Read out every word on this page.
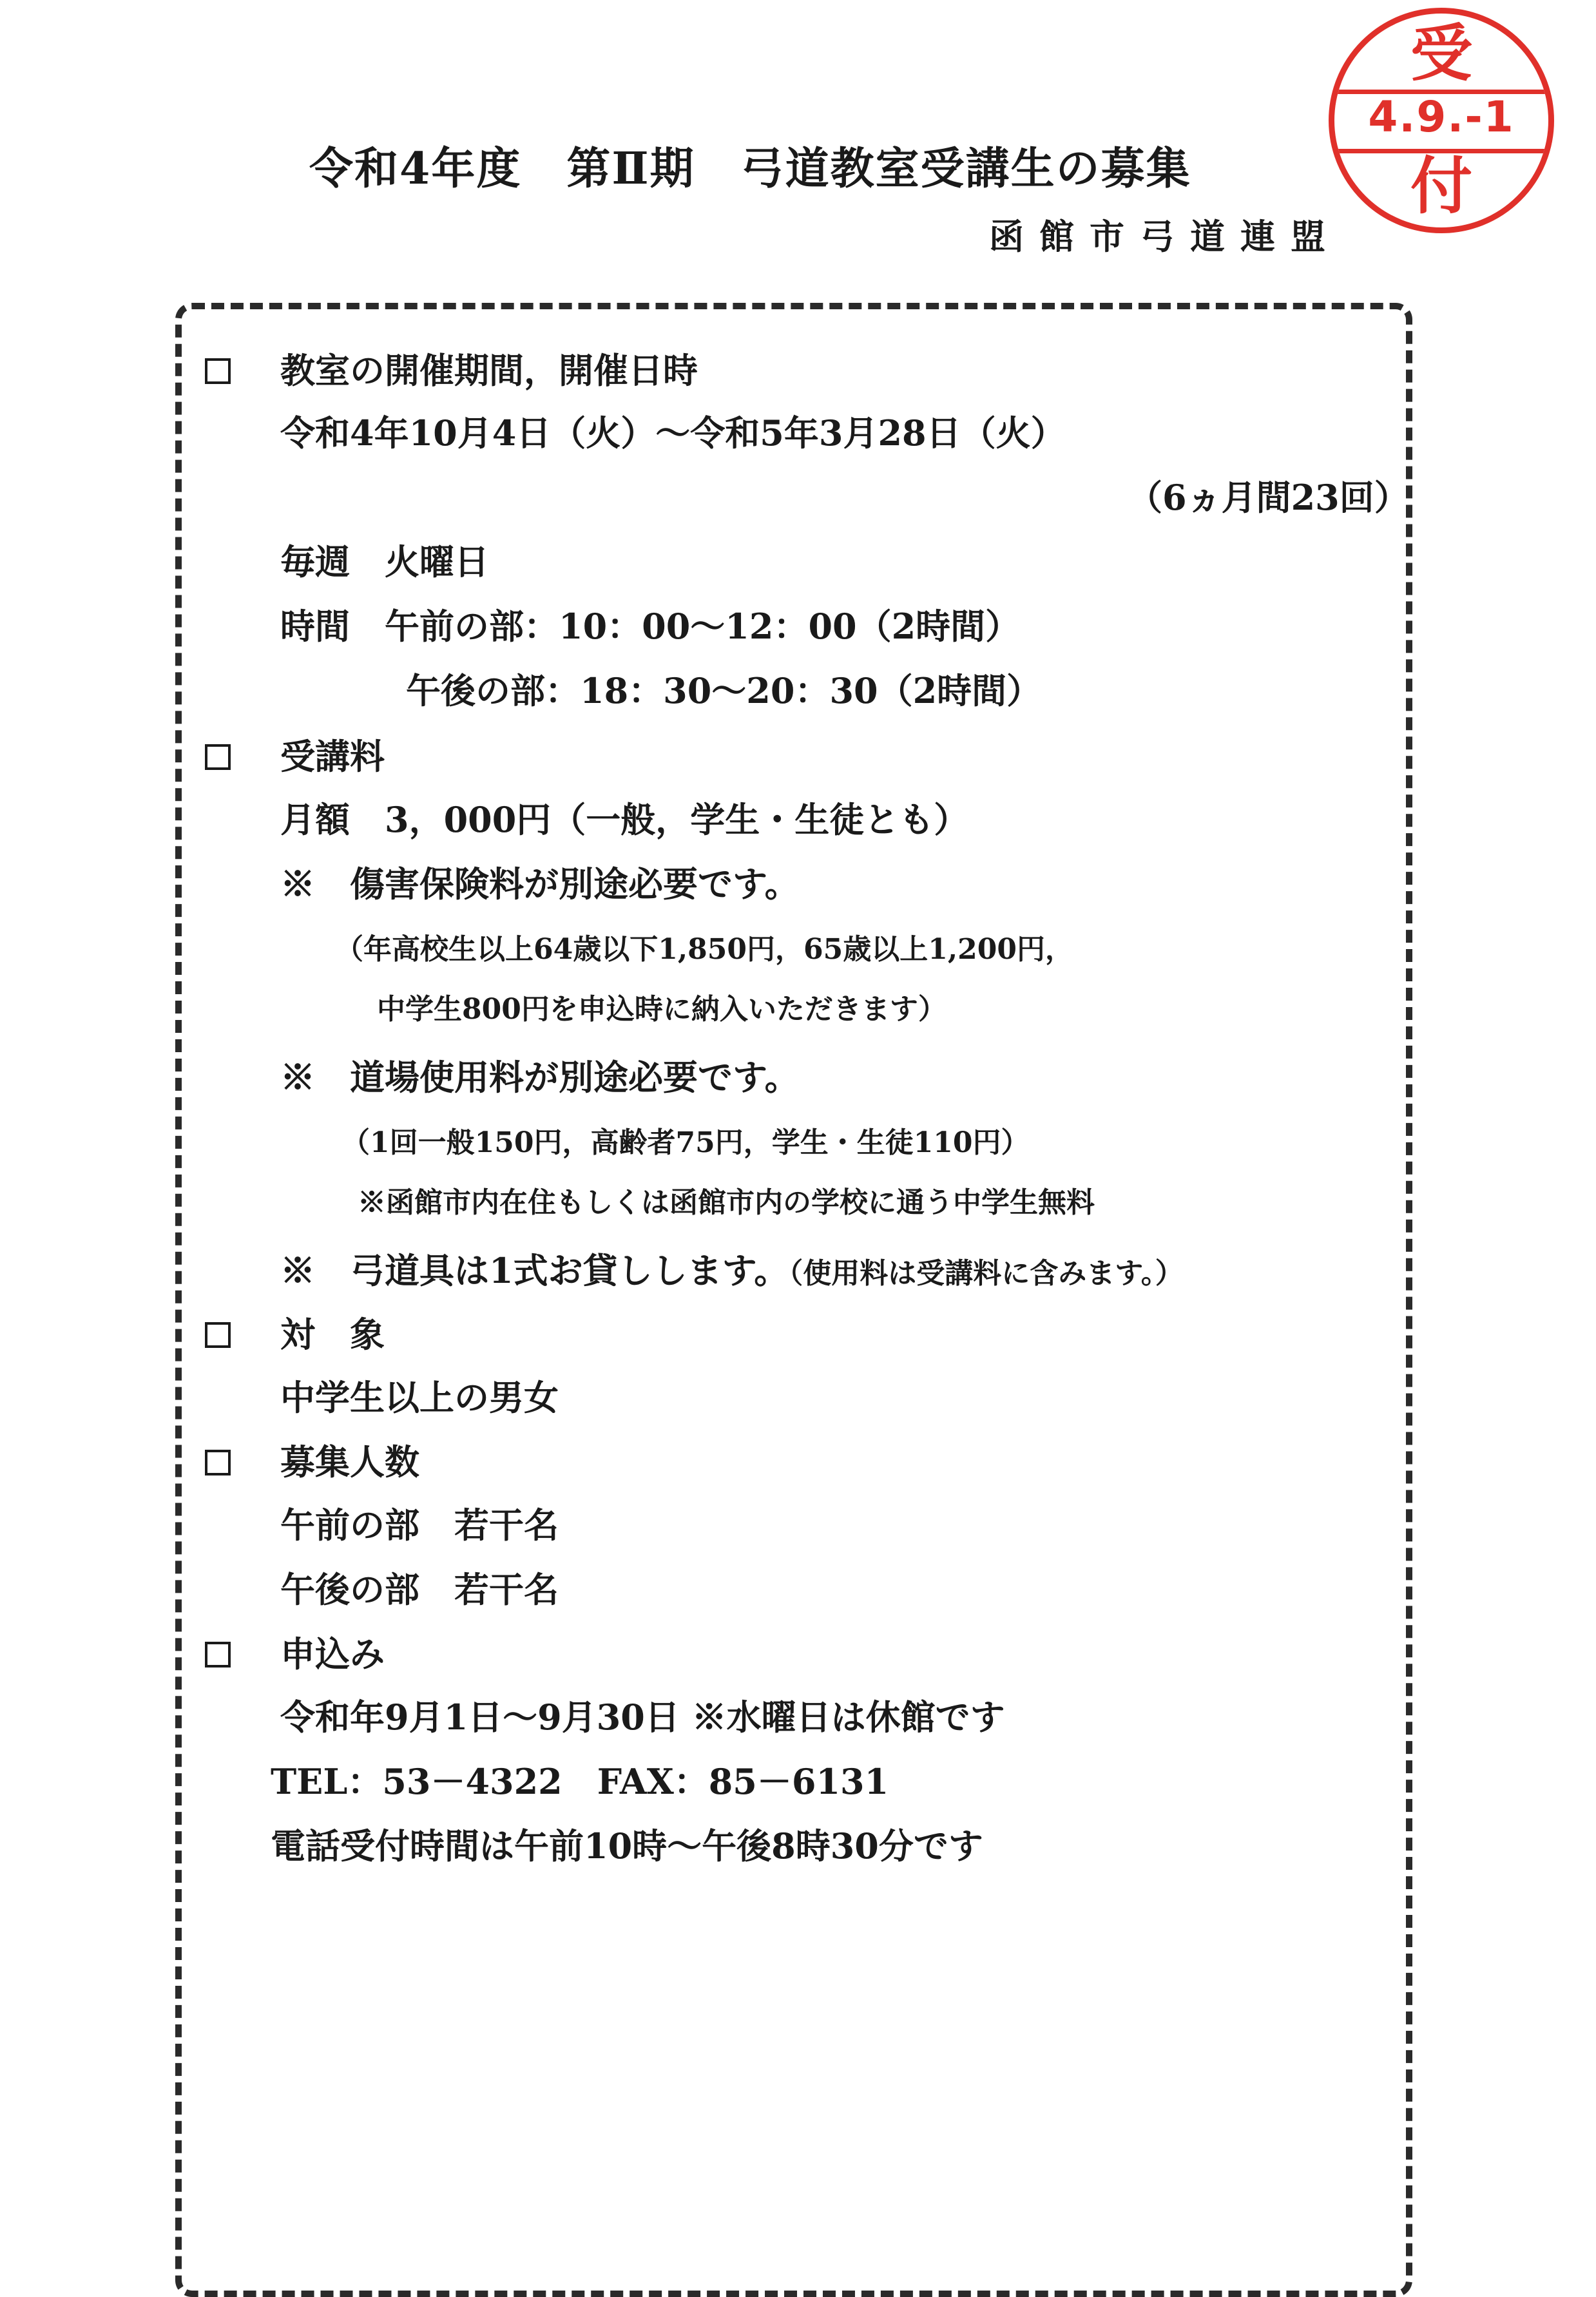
令和4年度　第Ⅱ期　弓道教室受講生の募集
函館市弓道連盟
受
4.9.-1
付
教室の開催期間，開催日時
令和4年10月4日（火）～令和5年3月28日（火）
（6ヵ月間23回）
毎週　火曜日
時間　午前の部：10：00～12：00（2時間）
午後の部：18：30～20：30（2時間）
受講料
月額　3，000円（一般，学生・生徒とも）
※　傷害保険料が別途必要です。
（年高校生以上64歳以下1,850円，65歳以上1,200円，
中学生800円を申込時に納入いただきます）
※　道場使用料が別途必要です。
（1回一般150円，高齢者75円，学生・生徒110円）
※函館市内在住もしくは函館市内の学校に通う中学生無料
※　弓道具は1式お貸しします。（使用料は受講料に含みます。）
対　象
中学生以上の男女
募集人数
午前の部　若干名
午後の部　若干名
申込み
令和年9月1日～9月30日 ※水曜日は休館です
TEL：53－4322　FAX：85－6131
電話受付時間は午前10時～午後8時30分です
